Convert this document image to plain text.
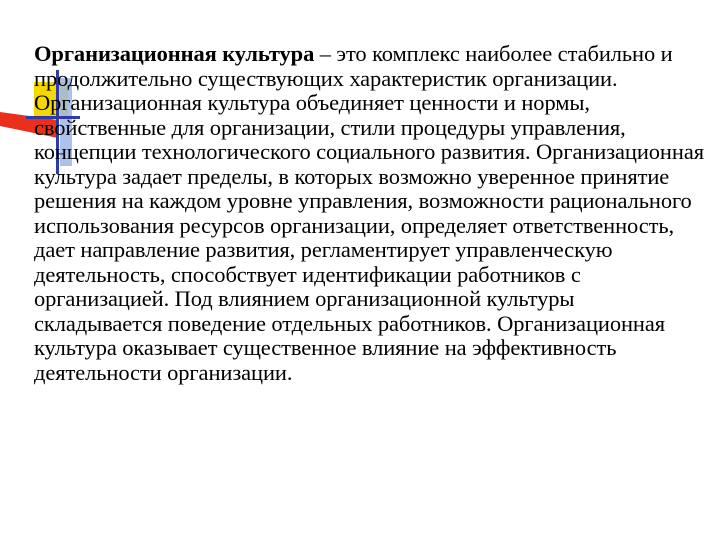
Организационная культура – это комплекс наиболее стабильно и продолжительно существующих характеристик организации. Организационная культура объединяет ценности и нормы, свойственные для организации, стили процедуры управления, концепции технологического социального развития. Организационная культура задает пределы, в которых возможно уверенное принятие решения на каждом уровне управления, возможности рационального использования ресурсов организации, определяет ответственность, дает направление развития, регламентирует управленческую деятельность, способствует идентификации работников с организацией. Под влиянием организационной культуры складывается поведение отдельных работников. Организационная культура оказывает существенное влияние на эффективность деятельности организации.
